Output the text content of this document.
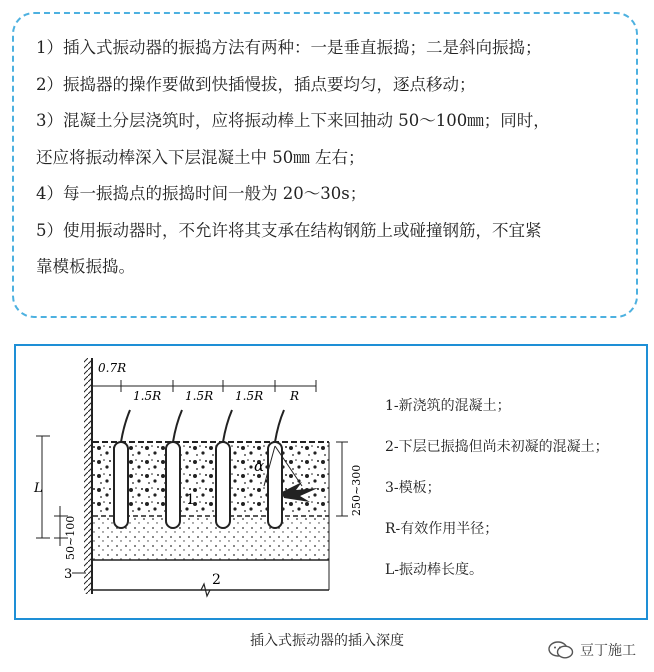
1）插入式振动器的振捣方法有两种：一是垂直振捣；二是斜向振捣；
2）振捣器的操作要做到快插慢拔，插点要均匀，逐点移动；
3）混凝土分层浇筑时，应将振动棒上下来回抽动 50～100㎜；同时，
还应将振动棒深入下层混凝土中 50㎜ 左右；
4）每一振捣点的振捣时间一般为 20～30s；
5）使用振动器时，不允许将其支承在结构钢筋上或碰撞钢筋，不宜紧
靠模板振捣。
α
0.7R
1.5R 1.5R 1.5R R
L
50~100
250~300
1
2
3
1-新浇筑的混凝土；
2-下层已振捣但尚未初凝的混凝土；
3-模板；
R-有效作用半径；
L-振动棒长度。
插入式振动器的插入深度
豆丁施工
